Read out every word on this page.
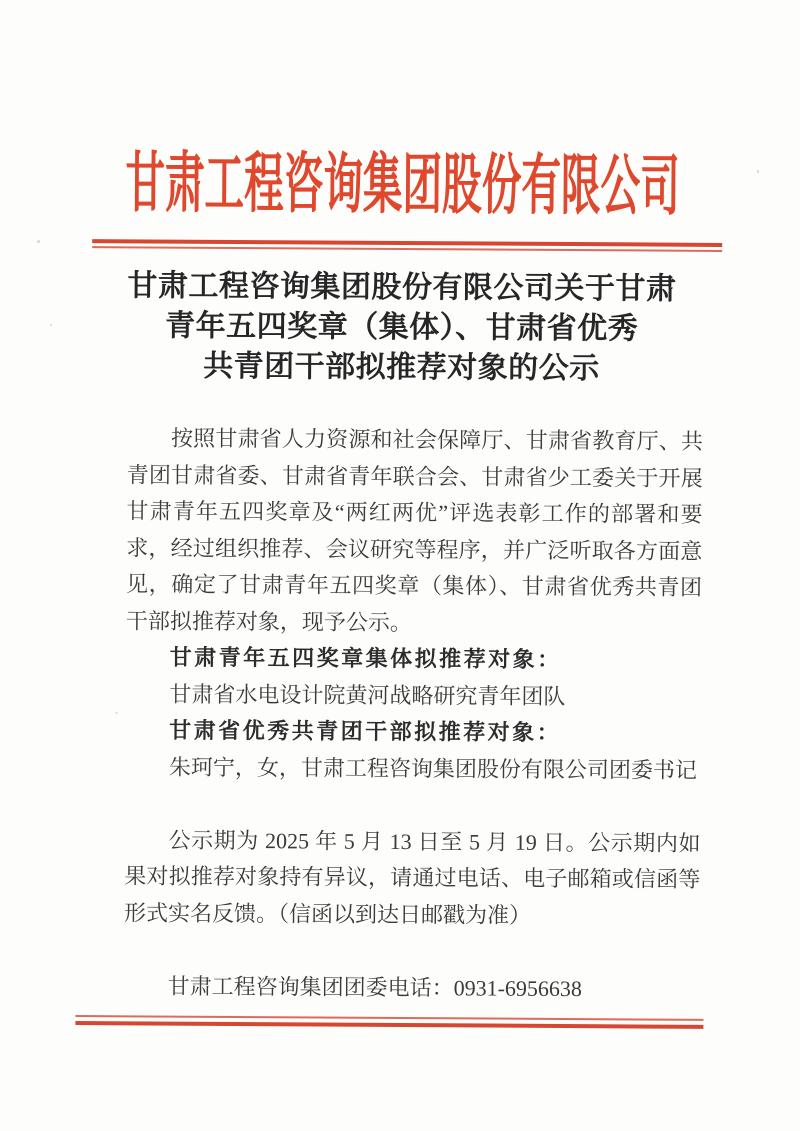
甘肃工程咨询集团股份有限公司
甘肃工程咨询集团股份有限公司关于甘肃
青年五四奖章（集体）、甘肃省优秀
共青团干部拟推荐对象的公示

按照甘肃省人力资源和社会保障厅、甘肃省教育厅、共青团甘肃省委、甘肃省青年联合会、甘肃省少工委关于开展甘肃青年五四奖章及“两红两优”评选表彰工作的部署和要求，经过组织推荐、会议研究等程序，并广泛听取各方面意见，确定了甘肃青年五四奖章（集体）、甘肃省优秀共青团干部拟推荐对象，现予公示。

甘肃青年五四奖章集体拟推荐对象：

甘肃省水电设计院黄河战略研究青年团队

甘肃省优秀共青团干部拟推荐对象：

朱珂宁，女，甘肃工程咨询集团股份有限公司团委书记

公示期为 2025 年 5 月 13 日至 5 月 19 日。公示期内如果对拟推荐对象持有异议，请通过电话、电子邮箱或信函等形式实名反馈。（信函以到达日邮戳为准）

甘肃工程咨询集团团委电话：0931-6956638
